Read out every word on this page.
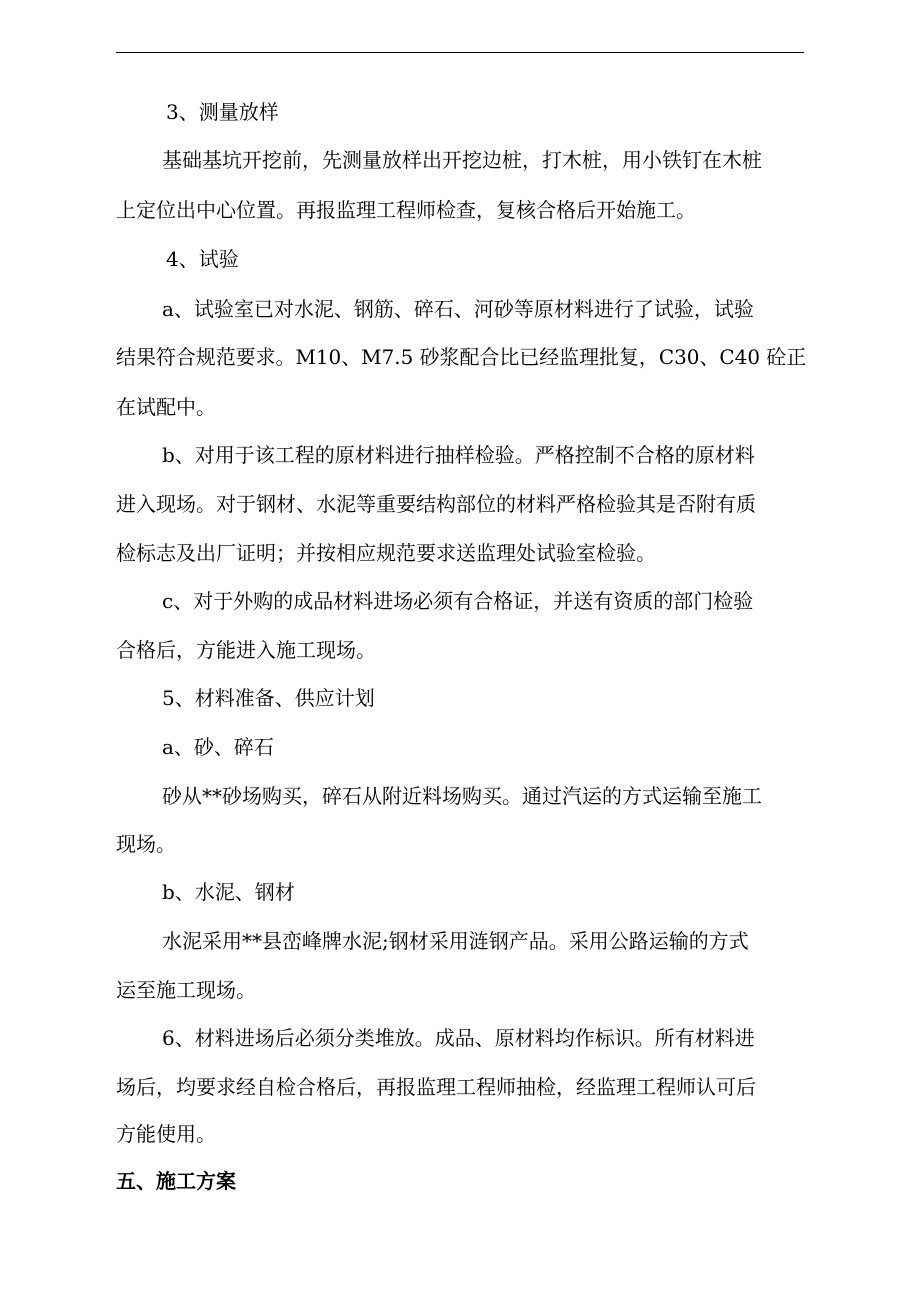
3、测量放样

基础基坑开挖前，先测量放样出开挖边桩，打木桩，用小铁钉在木桩

上定位出中心位置。再报监理工程师检查，复核合格后开始施工。

4、试验

a、试验室已对水泥、钢筋、碎石、河砂等原材料进行了试验，试验

结果符合规范要求。M10、M7.5 砂浆配合比已经监理批复，C30、C40 砼正

在试配中。

b、对用于该工程的原材料进行抽样检验。严格控制不合格的原材料

进入现场。对于钢材、水泥等重要结构部位的材料严格检验其是否附有质

检标志及出厂证明；并按相应规范要求送监理处试验室检验。

c、对于外购的成品材料进场必须有合格证，并送有资质的部门检验

合格后，方能进入施工现场。

5、材料准备、供应计划

a、砂、碎石

砂从**砂场购买，碎石从附近料场购买。通过汽运的方式运输至施工

现场。

b、水泥、钢材

水泥采用**县峦峰牌水泥;钢材采用涟钢产品。采用公路运输的方式

运至施工现场。

6、材料进场后必须分类堆放。成品、原材料均作标识。所有材料进

场后，均要求经自检合格后，再报监理工程师抽检，经监理工程师认可后

方能使用。

五、施工方案
